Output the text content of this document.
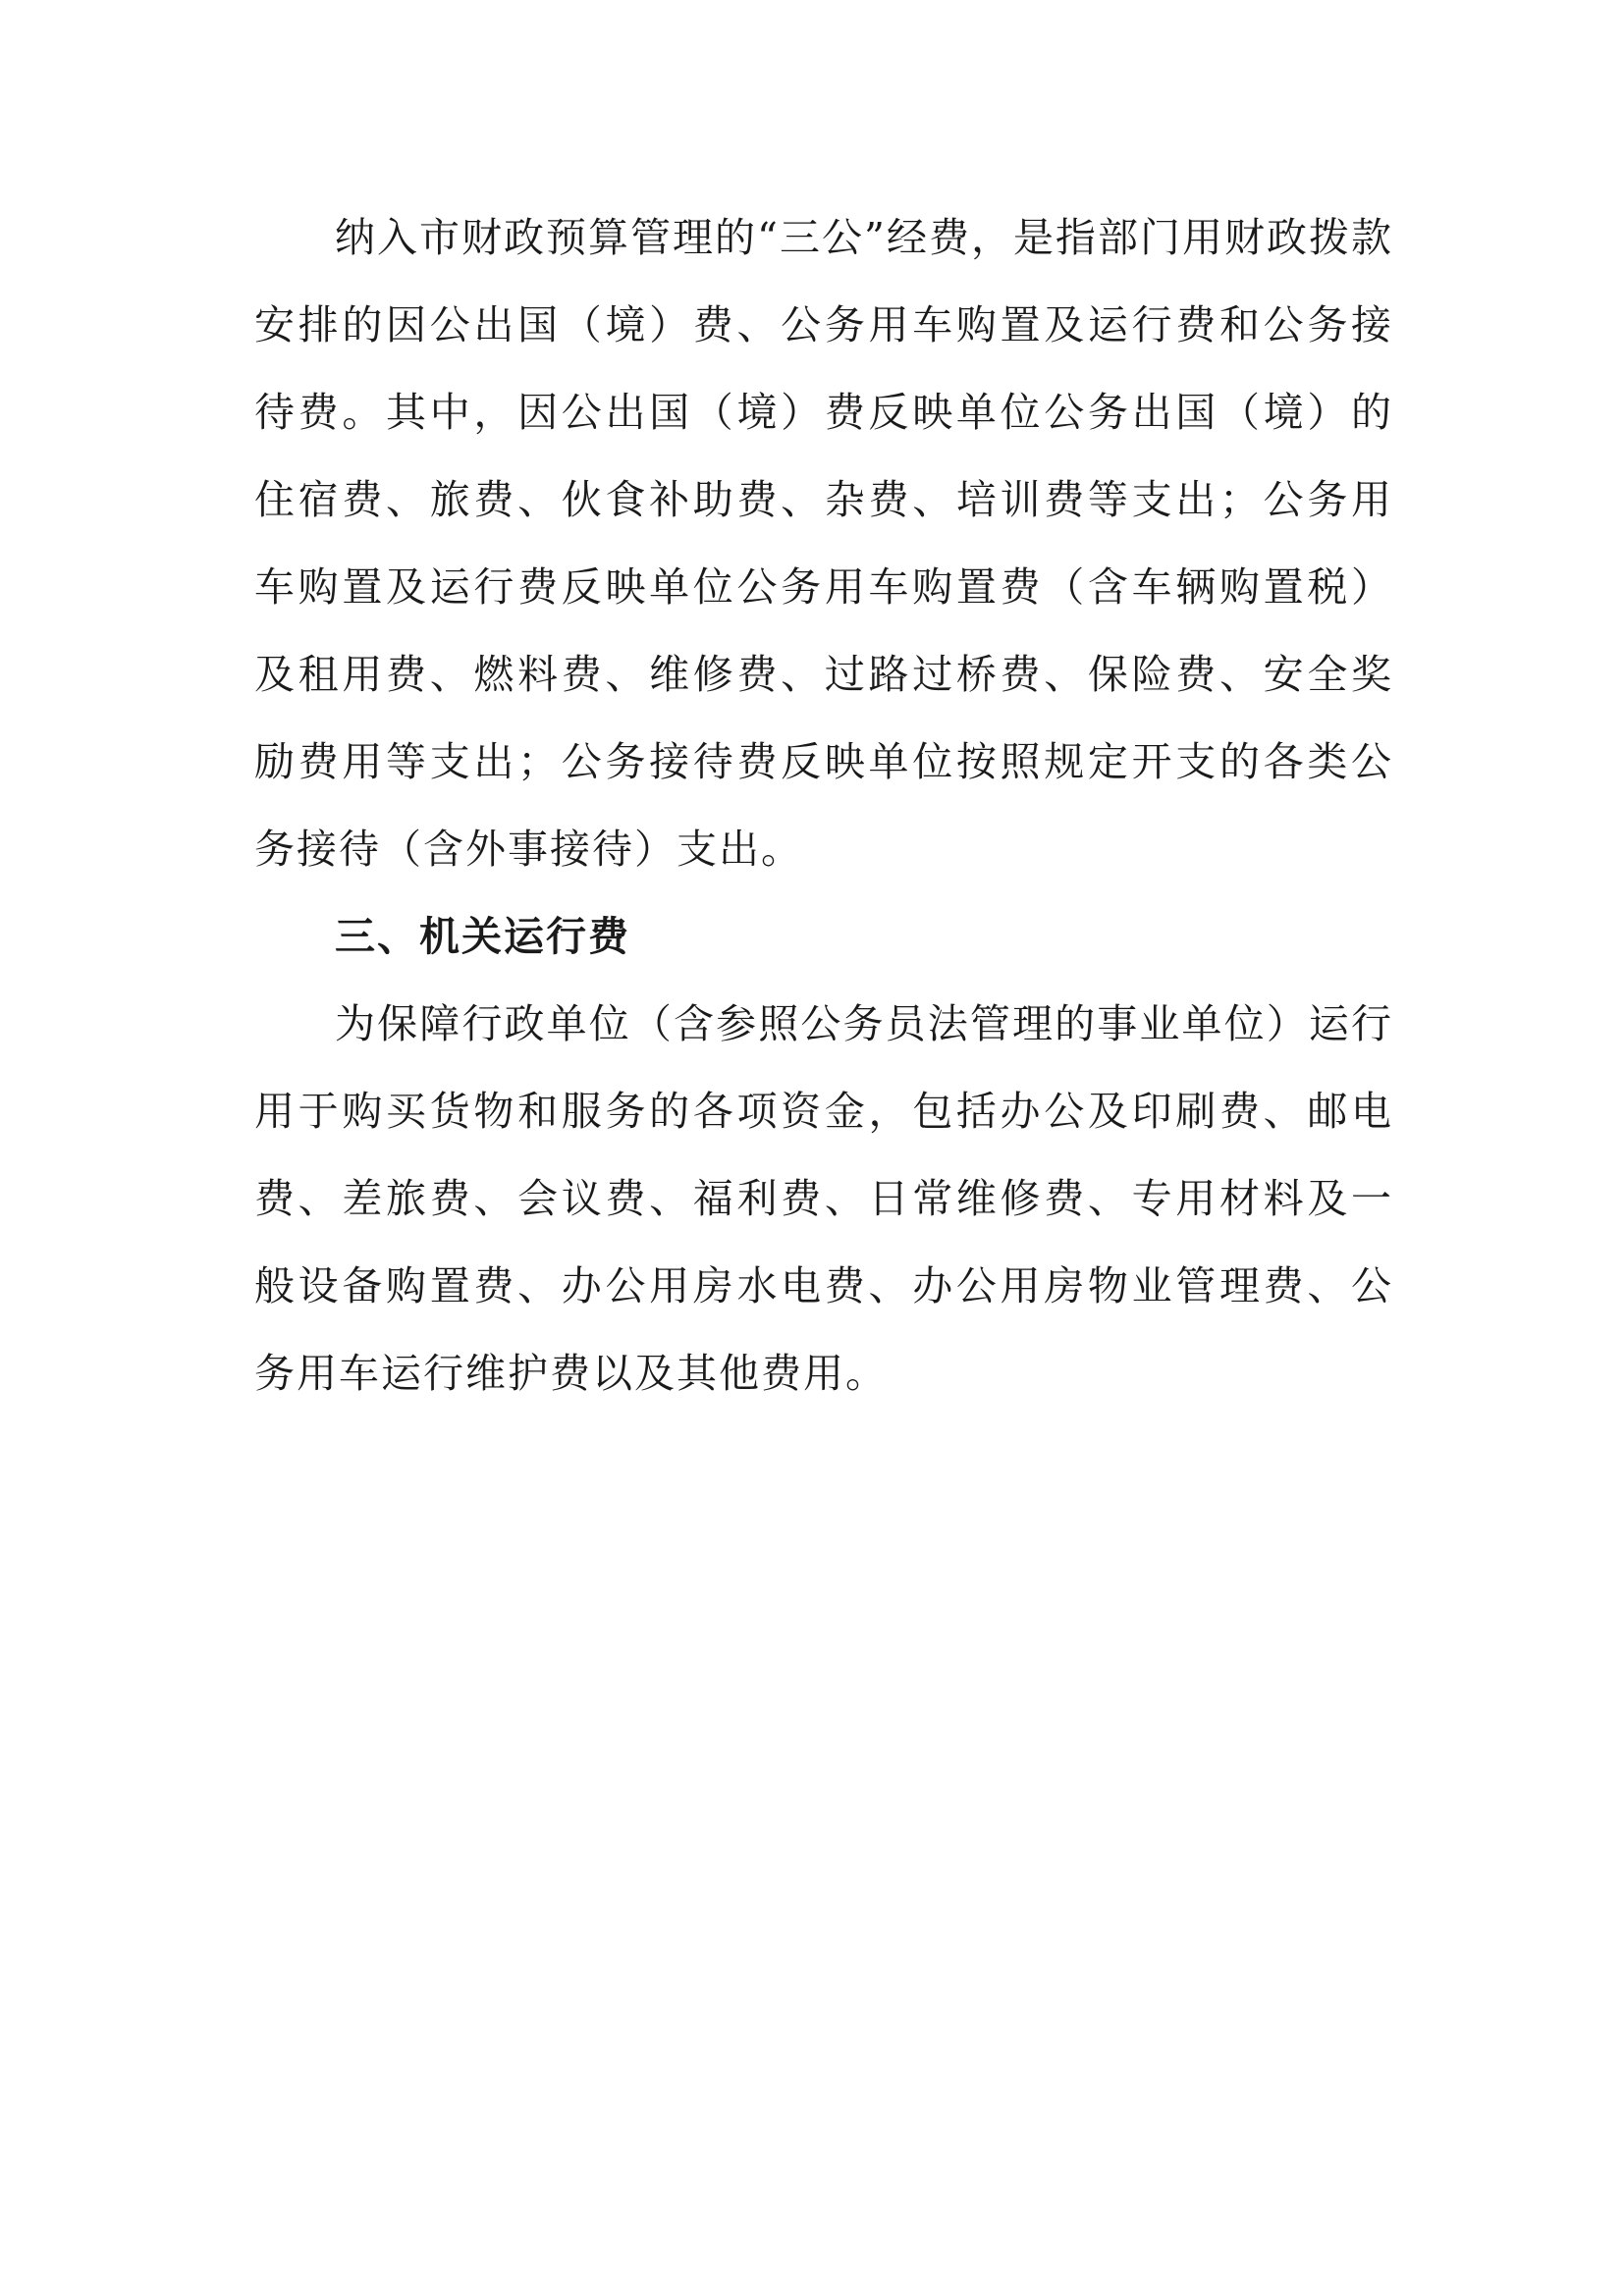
纳入市财政预算管理的“三公”经费，是指部门用财政拨款安排的因公出国（境）费、公务用车购置及运行费和公务接待费。其中，因公出国（境）费反映单位公务出国（境）的住宿费、旅费、伙食补助费、杂费、培训费等支出；公务用车购置及运行费反映单位公务用车购置费（含车辆购置税）及租用费、燃料费、维修费、过路过桥费、保险费、安全奖励费用等支出；公务接待费反映单位按照规定开支的各类公务接待（含外事接待）支出。

三、机关运行费

为保障行政单位（含参照公务员法管理的事业单位）运行用于购买货物和服务的各项资金，包括办公及印刷费、邮电费、差旅费、会议费、福利费、日常维修费、专用材料及一般设备购置费、办公用房水电费、办公用房物业管理费、公务用车运行维护费以及其他费用。
